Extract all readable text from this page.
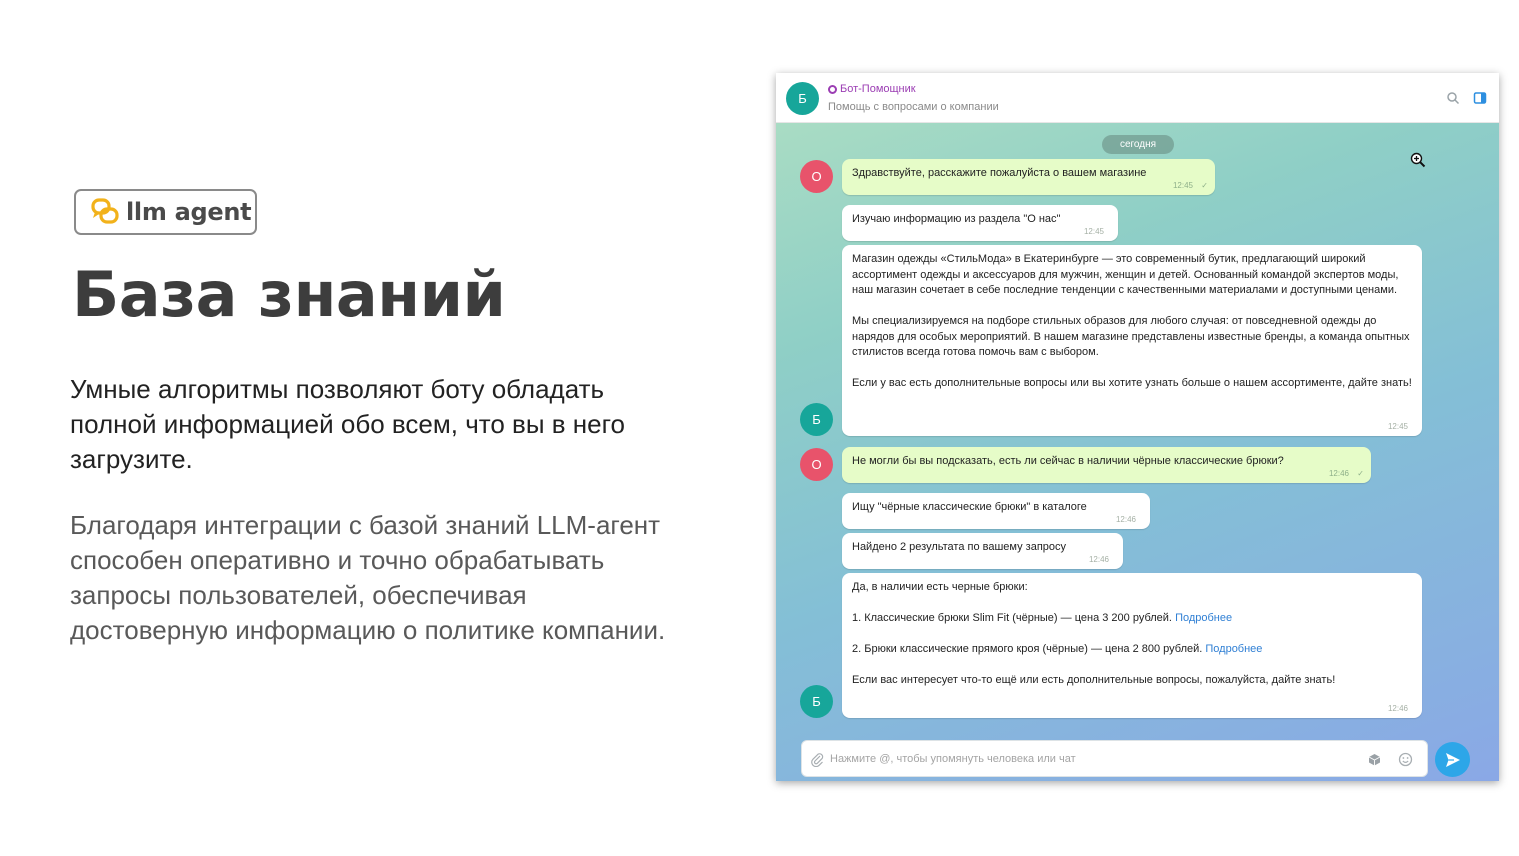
llm agent
База знаний

Умные алгоритмы позволяют боту обладать полной информацией обо всем, что вы в него загрузите.

Благодаря интеграции с базой знаний LLM-агент способен оперативно и точно обрабатывать запросы пользователей, обеспечивая достоверную информацию о политике компании.

Б
Бот-Помощник
Помощь с вопросами о компании
сегодня
О	Здравствуйте, расскажите пожалуйста о вашем магазине
12:45 ✓
Изучаю информацию из раздела "О нас"
12:45

Магазин одежды «СтильМода» в Екатеринбурге — это современный бутик, предлагающий широкий ассортимент одежды и аксессуаров для мужчин, женщин и детей. Основанный командой экспертов моды, наш магазин сочетает в себе последние тенденции с качественными материалами и доступными ценами.

Мы специализируемся на подборе стильных образов для любого случая: от повседневной одежды до нарядов для особых мероприятий. В нашем магазине представлены известные бренды, а команда опытных стилистов всегда готова помочь вам с выбором.

Если у вас есть дополнительные вопросы или вы хотите узнать больше о нашем ассортименте, дайте знать!

12:45
Б
О	Не могли бы вы подсказать, есть ли сейчас в наличии чёрные классические брюки?
12:46 ✓
Ищу "чёрные классические брюки" в каталоге
12:46
Найдено 2 результата по вашему запросу
12:46

Да, в наличии есть черные брюки:

1. Классические брюки Slim Fit (чёрные) — цена 3 200 рублей. Подробнее

2. Брюки классические прямого кроя (чёрные) — цена 2 800 рублей. Подробнее

Если вас интересует что-то ещё или есть дополнительные вопросы, пожалуйста, дайте знать!

12:46
Б
Нажмите @, чтобы упомянуть человека или чат
